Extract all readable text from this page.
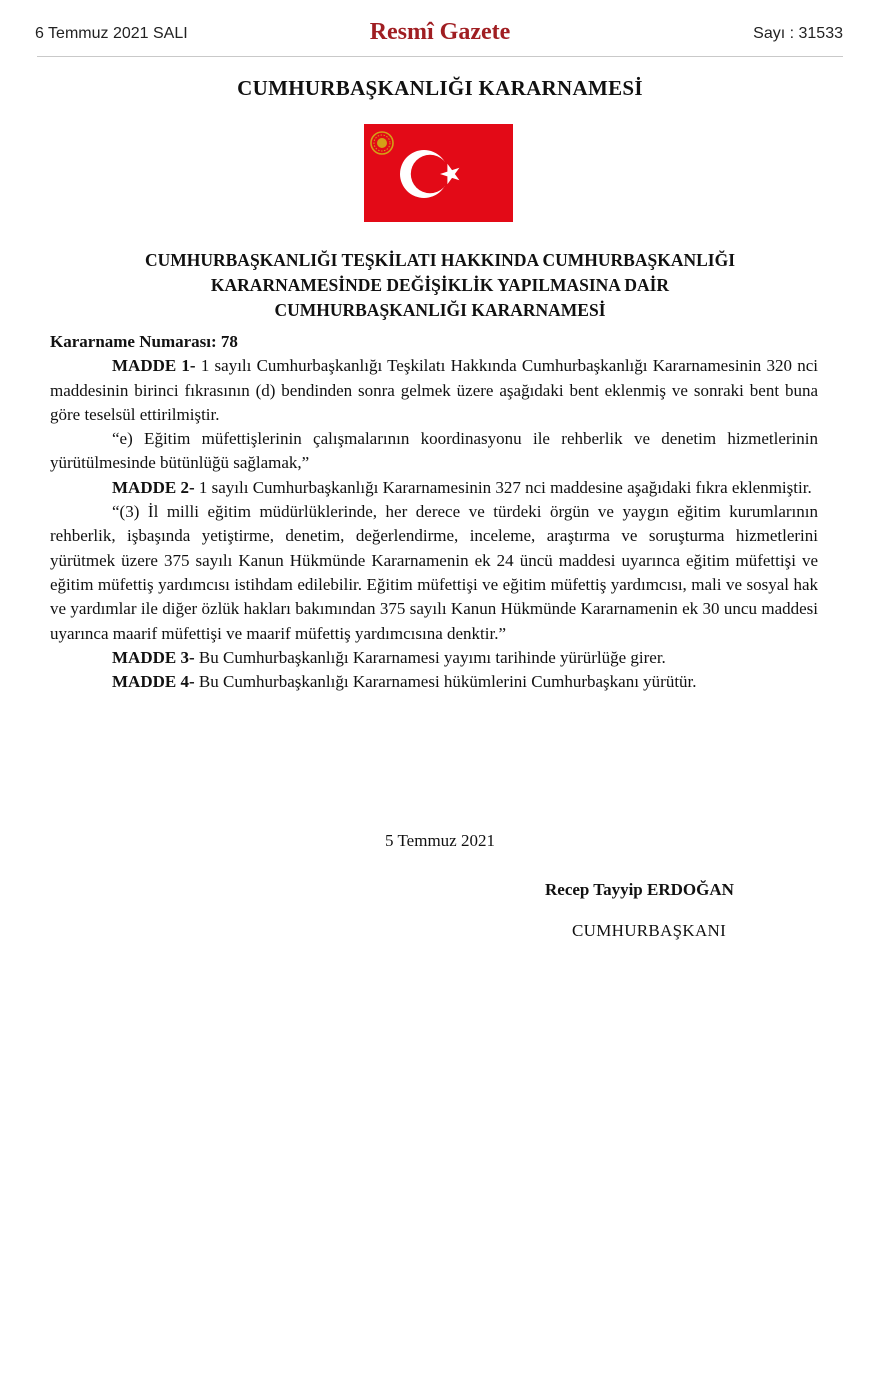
6 Temmuz 2021 SALI	Resmî Gazete	Sayı : 31533
CUMHURBAŞKANLIĞI KARARNAMESİ
CUMHURBAŞKANLIĞI TEŞKİLATI HAKKINDA CUMHURBAŞKANLIĞI
KARARNAMESİNDE DEĞİŞİKLİK YAPILMASINA DAİR
CUMHURBAŞKANLIĞI KARARNAMESİ

Kararname Numarası: 78

MADDE 1- 1 sayılı Cumhurbaşkanlığı Teşkilatı Hakkında Cumhurbaşkanlığı Kararnamesinin 320 nci maddesinin birinci fıkrasının (d) bendinden sonra gelmek üzere aşağıdaki bent eklenmiş ve sonraki bent buna göre teselsül ettirilmiştir.

“e) Eğitim müfettişlerinin çalışmalarının koordinasyonu ile rehberlik ve denetim hizmetlerinin yürütülmesinde bütünlüğü sağlamak,”

MADDE 2- 1 sayılı Cumhurbaşkanlığı Kararnamesinin 327 nci maddesine aşağıdaki fıkra eklenmiştir.

“(3) İl milli eğitim müdürlüklerinde, her derece ve türdeki örgün ve yaygın eğitim kurumlarının rehberlik, işbaşında yetiştirme, denetim, değerlendirme, inceleme, araştırma ve soruşturma hizmetlerini yürütmek üzere 375 sayılı Kanun Hükmünde Kararnamenin ek 24 üncü maddesi uyarınca eğitim müfettişi ve eğitim müfettiş yardımcısı istihdam edilebilir. Eğitim müfettişi ve eğitim müfettiş yardımcısı, mali ve sosyal hak ve yardımlar ile diğer özlük hakları bakımından 375 sayılı Kanun Hükmünde Kararnamenin ek 30 uncu maddesi uyarınca maarif müfettişi ve maarif müfettiş yardımcısına denktir.”

MADDE 3- Bu Cumhurbaşkanlığı Kararnamesi yayımı tarihinde yürürlüğe girer.

MADDE 4- Bu Cumhurbaşkanlığı Kararnamesi hükümlerini Cumhurbaşkanı yürütür.

5 Temmuz 2021
Recep Tayyip ERDOĞAN
CUMHURBAŞKANI
